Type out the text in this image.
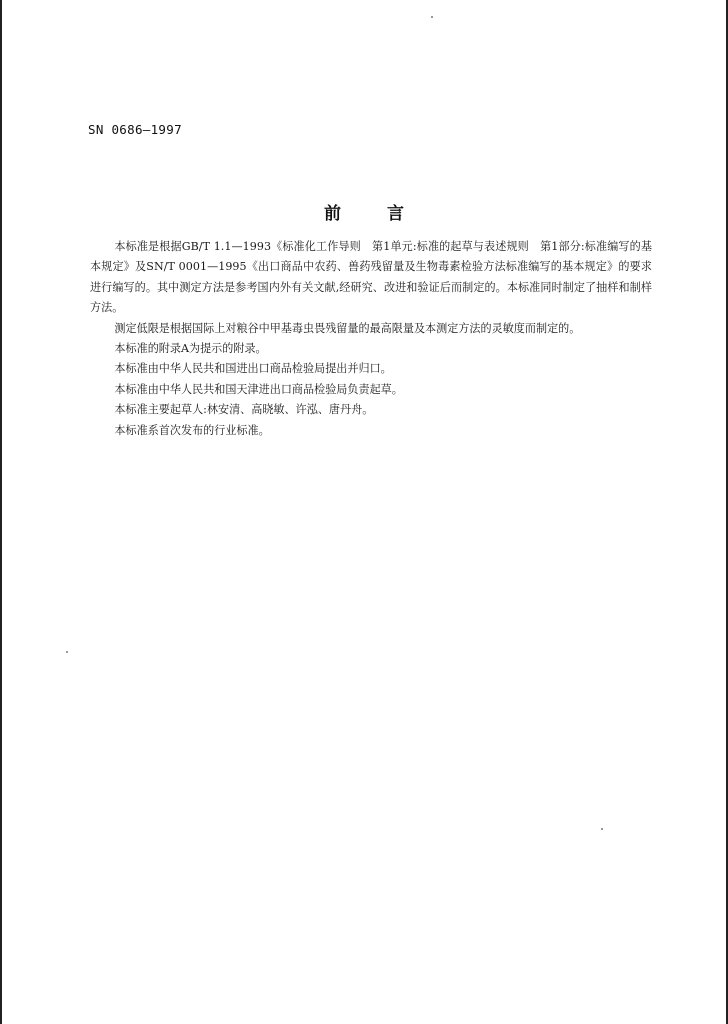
SN 0686—1997
前言

本标准是根据GB/T 1.1—1993《标准化工作导则　第1单元:标准的起草与表述规则　第1部分:标准编写的基本规定》及SN/T 0001—1995《出口商品中农药、兽药残留量及生物毒素检验方法标准编写的基本规定》的要求进行编写的。其中测定方法是参考国内外有关文献,经研究、改进和验证后而制定的。本标准同时制定了抽样和制样方法。

测定低限是根据国际上对粮谷中甲基毒虫畏残留量的最高限量及本测定方法的灵敏度而制定的。

本标准的附录A为提示的附录。

本标准由中华人民共和国进出口商品检验局提出并归口。

本标准由中华人民共和国天津进出口商品检验局负责起草。

本标准主要起草人:林安清、高晓敏、许泓、唐丹舟。

本标准系首次发布的行业标准。
